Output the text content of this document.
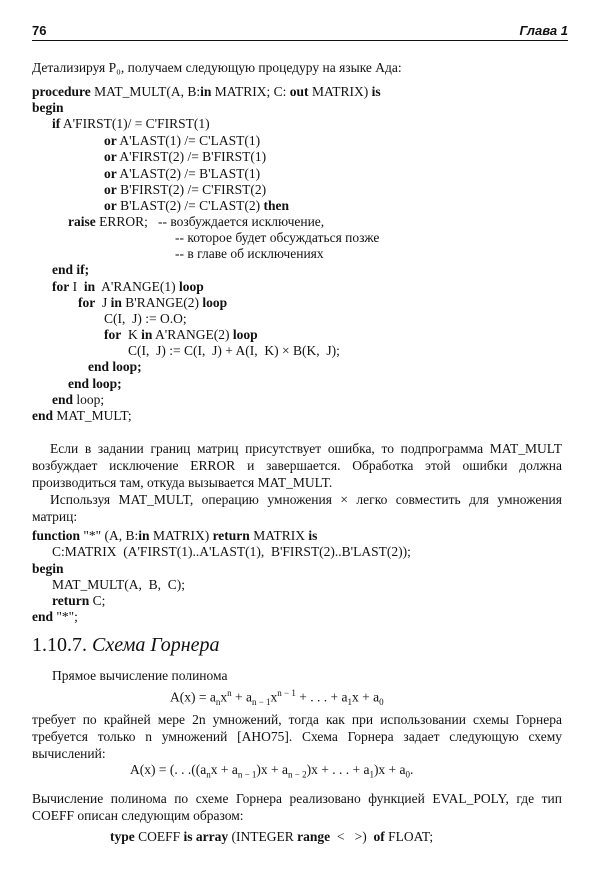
76	Глава 1
Детализируя P₀, получаем следующую процедуру на языке Ада:
procedure MAT_MULT(A, B:in MATRIX; C: out MATRIX) is
begin
if A'FIRST(1)/ = C'FIRST(1)
or A'LAST(1) /= C'LAST(1)
or A'FIRST(2) /= B'FIRST(1)
or A'LAST(2) /= B'LAST(1)
or B'FIRST(2) /= C'FIRST(2)
or B'LAST(2) /= C'LAST(2) then
raise ERROR;   -- возбуждается исключение,
-- которое будет обсуждаться позже
-- в главе об исключениях
end if;
for I  in  A'RANGE(1) loop
for  J in B'RANGE(2) loop
C(I,  J) := O.O;
for  K in A'RANGE(2) loop
C(I,  J) := C(I,  J) + A(I,  K) × B(K,  J);
end loop;
end loop;
end loop;
end MAT_MULT;
Если в задании границ матриц присутствует ошибка, то подпрограмма MAT_MULT возбуждает исключение ERROR и завершается. Обработка этой ошибки должна производиться там, откуда вызывается MAT_MULT.
Используя MAT_MULT, операцию умножения × легко совместить для умножения матриц:
function "*" (A, B:in MATRIX) return MATRIX is
C:MATRIX  (A'FIRST(1)..A'LAST(1),  B'FIRST(2)..B'LAST(2));
begin
MAT_MULT(A,  B,  C);
return C;
end "*";
1.10.7. Схема Горнера
Прямое вычисление полинома
$A(x) = a_nx^n + a_{n - 1}x^{n - 1}$ + . . . + $a_1x + a_0$
требует по крайней мере 2n умножений, тогда как при использовании схемы Горнера требуется только n умножений [AHO75]. Схема Горнера задает следующую схему вычислений:
A(x) = (. . $.((a_nx + a_{n - 1})x + a_{n - 2})x$ + . . . + $a_1)x + a_0$.
Вычисление полинома по схеме Горнера реализовано функцией EVAL_POLY, где тип COEFF описан следующим образом:
type COEFF is array (INTEGER range  <   >)  of FLOAT;
